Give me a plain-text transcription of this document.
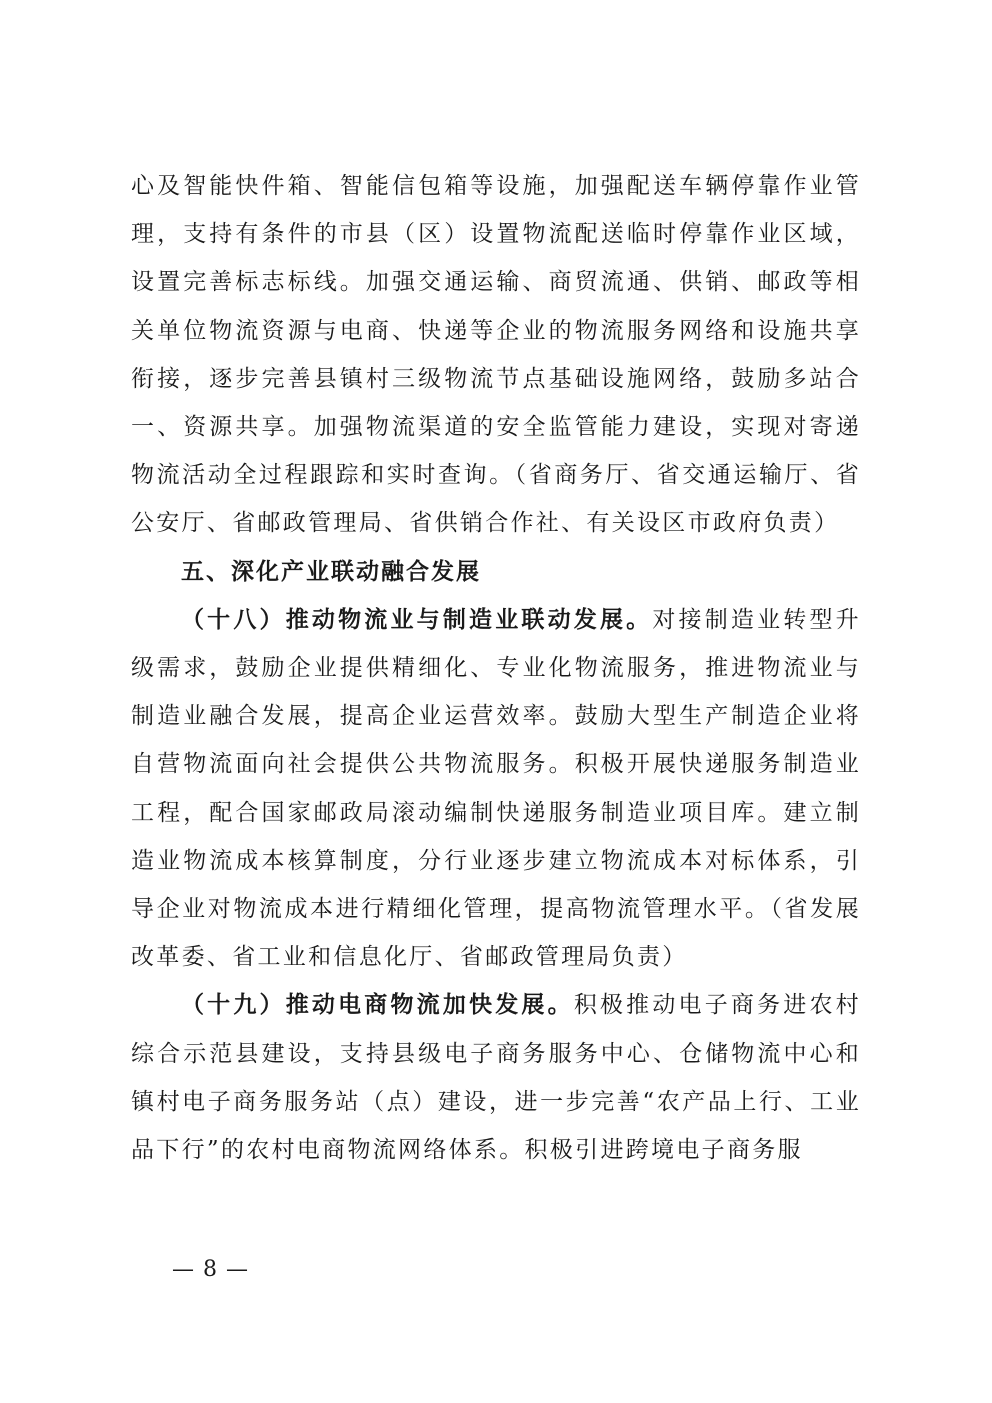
心及智能快件箱、智能信包箱等设施，加强配送车辆停靠作业管理，支持有条件的市县（区）设置物流配送临时停靠作业区域，设置完善标志标线。加强交通运输、商贸流通、供销、邮政等相关单位物流资源与电商、快递等企业的物流服务网络和设施共享衔接，逐步完善县镇村三级物流节点基础设施网络，鼓励多站合一、资源共享。加强物流渠道的安全监管能力建设，实现对寄递物流活动全过程跟踪和实时查询。（省商务厅、省交通运输厅、省公安厅、省邮政管理局、省供销合作社、有关设区市政府负责）

五、深化产业联动融合发展

（十八）推动物流业与制造业联动发展。对接制造业转型升级需求，鼓励企业提供精细化、专业化物流服务，推进物流业与制造业融合发展，提高企业运营效率。鼓励大型生产制造企业将自营物流面向社会提供公共物流服务。积极开展快递服务制造业工程，配合国家邮政局滚动编制快递服务制造业项目库。建立制造业物流成本核算制度，分行业逐步建立物流成本对标体系，引导企业对物流成本进行精细化管理，提高物流管理水平。（省发展改革委、省工业和信息化厅、省邮政管理局负责）

（十九）推动电商物流加快发展。积极推动电子商务进农村综合示范县建设，支持县级电子商务服务中心、仓储物流中心和镇村电子商务服务站（点）建设，进一步完善“农产品上行、工业品下行”的农村电商物流网络体系。积极引进跨境电子商务服

— 8 —
